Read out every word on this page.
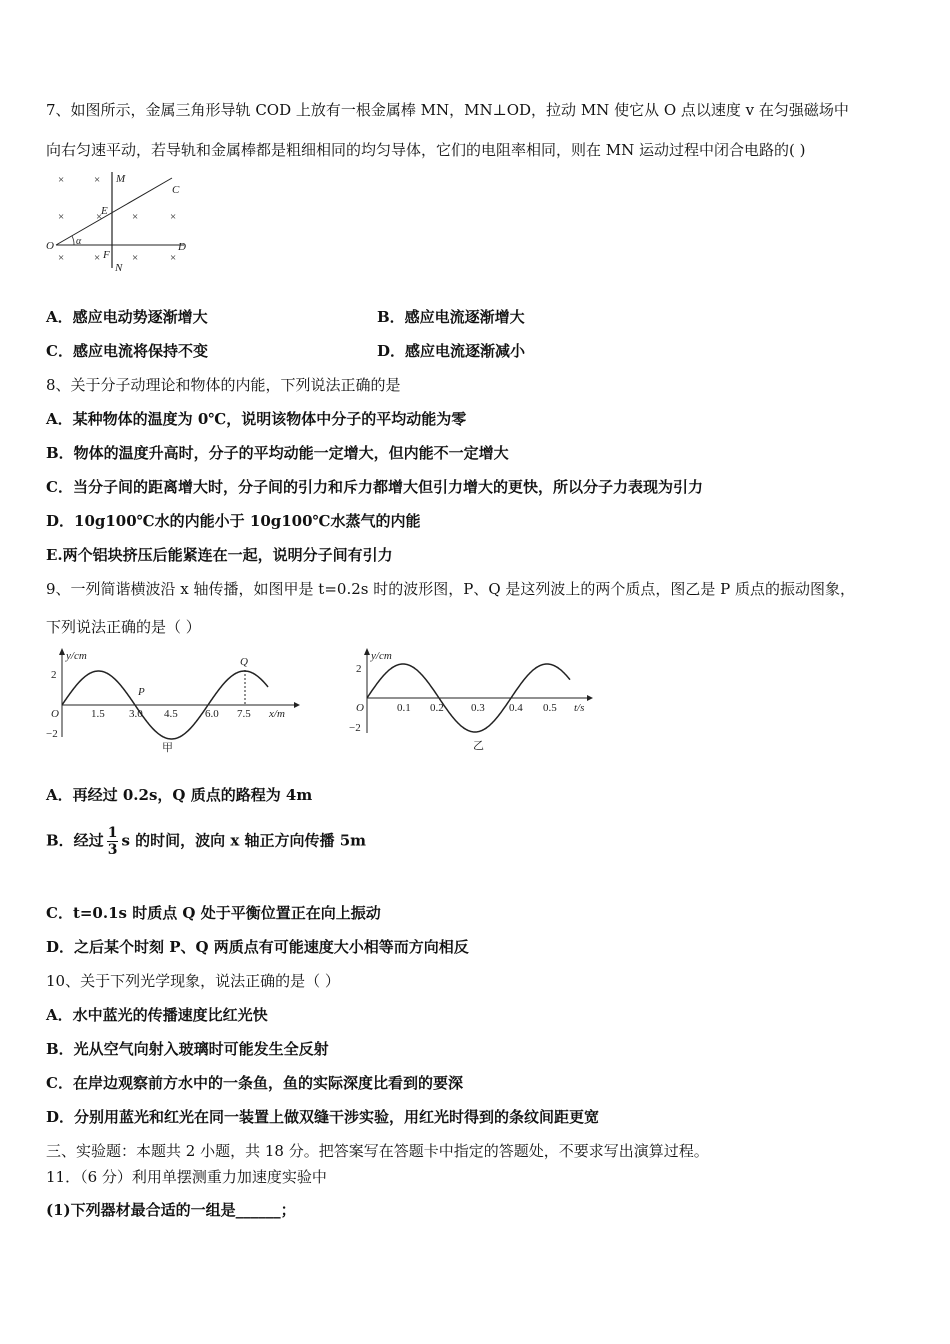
7、如图所示，金属三角形导轨 COD 上放有一根金属棒 MN，MN⊥OD，拉动 MN 使它从 O 点以速度 v 在匀强磁场中
向右匀速平动，若导轨和金属棒都是粗细相同的均匀导体，它们的电阻率相同，则在 MN 运动过程中闭合电路的( )
×	×
×	×	×	×
×	×	×	×
M
C
E
O α
F
D
N
A．感应电动势逐渐增大	B．感应电流逐渐增大
C．感应电流将保持不变	D．感应电流逐渐减小
8、关于分子动理论和物体的内能，下列说法正确的是
A．某种物体的温度为 0℃，说明该物体中分子的平均动能为零
B．物体的温度升高时，分子的平均动能一定增大，但内能不一定增大
C．当分子间的距离增大时，分子间的引力和斥力都增大但引力增大的更快，所以分子力表现为引力
D．10g100℃水的内能小于 10g100℃水蒸气的内能
E.两个铝块挤压后能紧连在一起，说明分子间有引力
9、一列简谐横波沿 x 轴传播，如图甲是 t=0.2s 时的波形图，P、Q 是这列波上的两个质点，图乙是 P 质点的振动图象，
下列说法正确的是（ ）
y/cm
x/m
2
−2
O	1.5 3.0 4.5 6.0 7.5
P
Q
甲
−
y/cm
t/s
2
−2
O	0.1 0.2 0.3 0.4 0.5
乙
A．再经过 0.2s，Q 质点的路程为 4m
B．经过 $\frac{1}{3}$ s 的时间，波向 x 轴正方向传播 5m
C．t=0.1s 时质点 Q 处于平衡位置正在向上振动
D．之后某个时刻 P、Q 两质点有可能速度大小相等而方向相反
10、关于下列光学现象，说法正确的是（ ）
A．水中蓝光的传播速度比红光快
B．光从空气向射入玻璃时可能发生全反射
C．在岸边观察前方水中的一条鱼，鱼的实际深度比看到的要深
D．分别用蓝光和红光在同一装置上做双缝干涉实验，用红光时得到的条纹间距更宽
三、实验题：本题共 2 小题，共 18 分。把答案写在答题卡中指定的答题处，不要求写出演算过程。
11．（6 分）利用单摆测重力加速度实验中
(1)下列器材最合适的一组是______；
